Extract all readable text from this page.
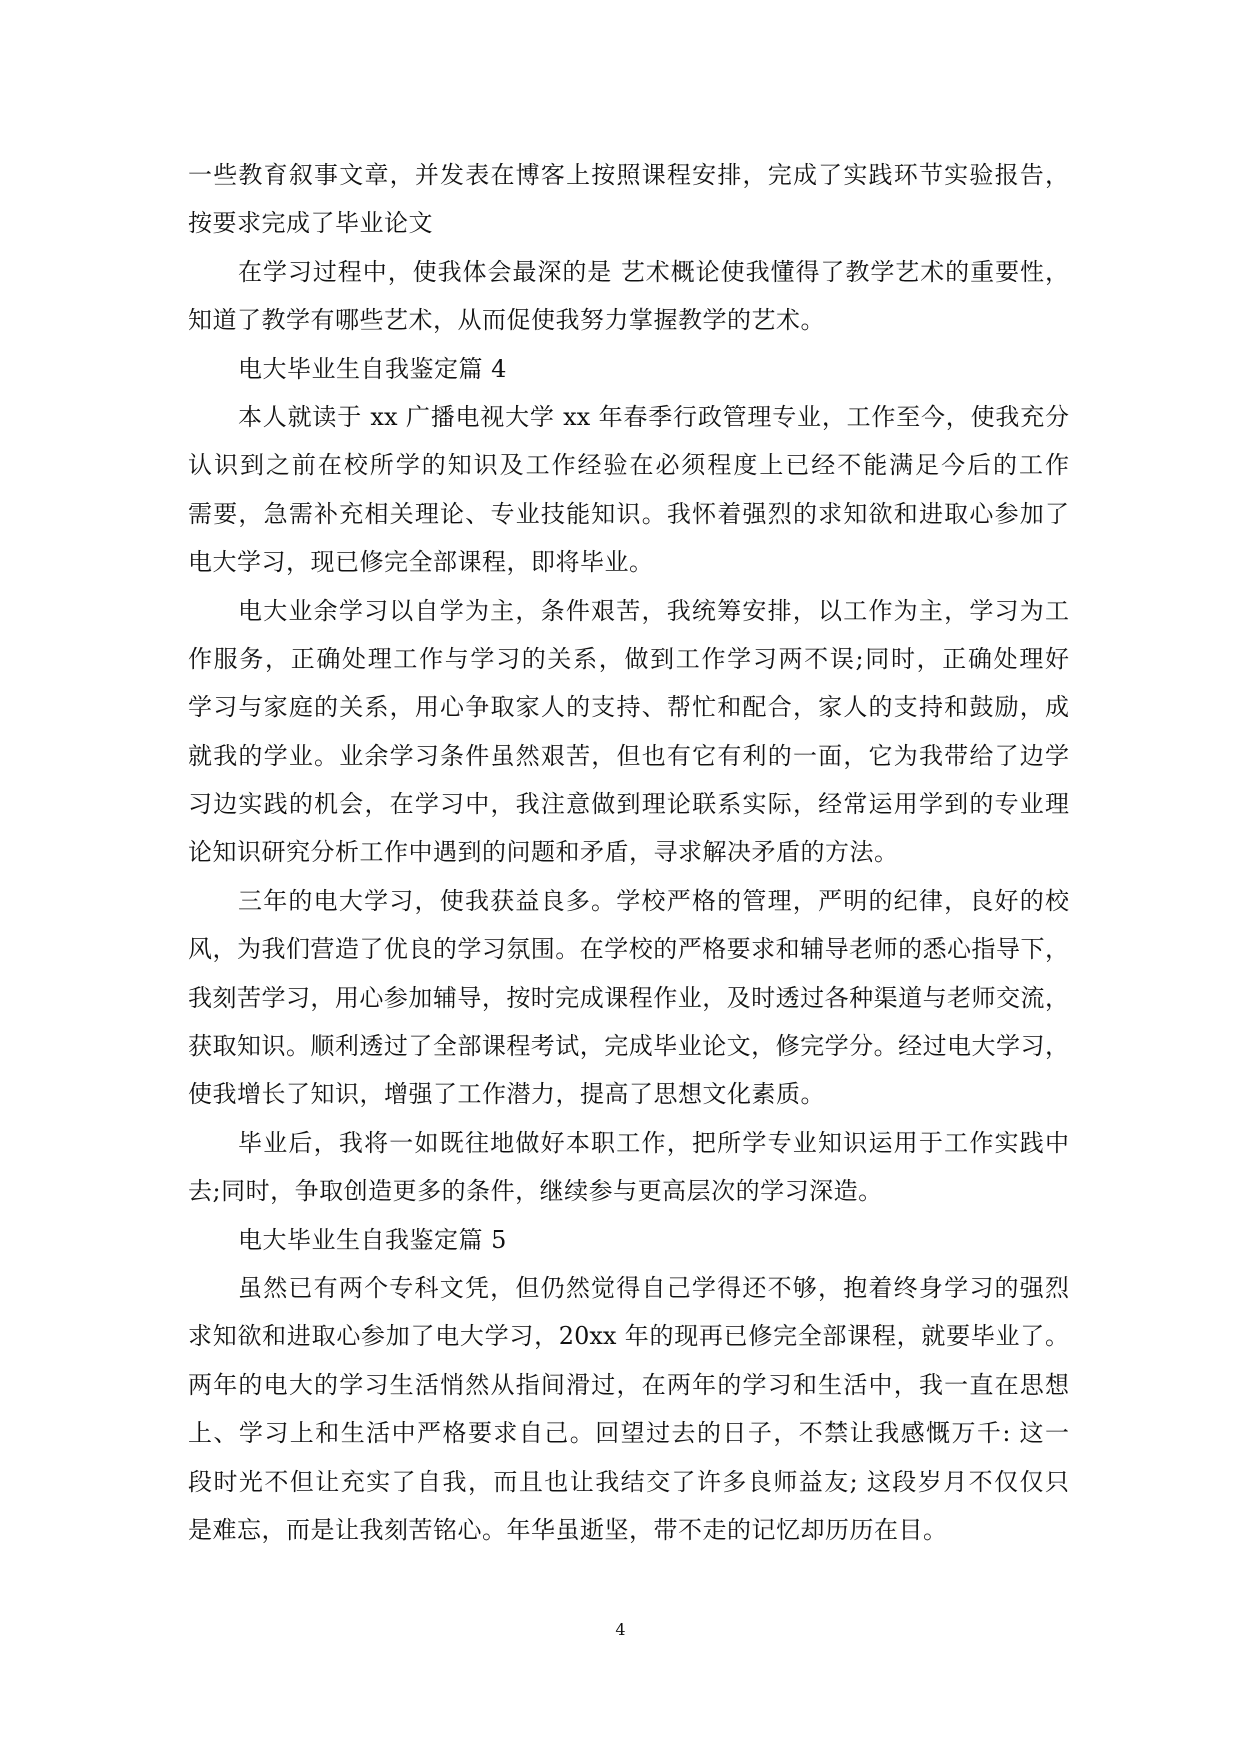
一些教育叙事文章，并发表在博客上按照课程安排，完成了实践环节实验报告，
按要求完成了毕业论文
在学习过程中，使我体会最深的是 艺术概论使我懂得了教学艺术的重要性，
知道了教学有哪些艺术，从而促使我努力掌握教学的艺术。
电大毕业生自我鉴定篇 4
本人就读于 xx 广播电视大学 xx 年春季行政管理专业，工作至今，使我充分
认识到之前在校所学的知识及工作经验在必须程度上已经不能满足今后的工作
需要，急需补充相关理论、专业技能知识。我怀着强烈的求知欲和进取心参加了
电大学习，现已修完全部课程，即将毕业。
电大业余学习以自学为主，条件艰苦，我统筹安排，以工作为主，学习为工
作服务，正确处理工作与学习的关系，做到工作学习两不误;同时，正确处理好
学习与家庭的关系，用心争取家人的支持、帮忙和配合，家人的支持和鼓励，成
就我的学业。业余学习条件虽然艰苦，但也有它有利的一面，它为我带给了边学
习边实践的机会，在学习中，我注意做到理论联系实际，经常运用学到的专业理
论知识研究分析工作中遇到的问题和矛盾，寻求解决矛盾的方法。
三年的电大学习，使我获益良多。学校严格的管理，严明的纪律，良好的校
风，为我们营造了优良的学习氛围。在学校的严格要求和辅导老师的悉心指导下，
我刻苦学习，用心参加辅导，按时完成课程作业，及时透过各种渠道与老师交流，
获取知识。顺利透过了全部课程考试，完成毕业论文，修完学分。经过电大学习，
使我增长了知识，增强了工作潜力，提高了思想文化素质。
毕业后，我将一如既往地做好本职工作，把所学专业知识运用于工作实践中
去;同时，争取创造更多的条件，继续参与更高层次的学习深造。
电大毕业生自我鉴定篇 5
虽然已有两个专科文凭，但仍然觉得自己学得还不够，抱着终身学习的强烈
求知欲和进取心参加了电大学习，20xx 年的现再已修完全部课程，就要毕业了。
两年的电大的学习生活悄然从指间滑过，在两年的学习和生活中，我一直在思想
上、学习上和生活中严格要求自己。回望过去的日子，不禁让我感慨万千: 这一
段时光不但让充实了自我，而且也让我结交了许多良师益友; 这段岁月不仅仅只
是难忘，而是让我刻苦铭心。年华虽逝坚，带不走的记忆却历历在目。
4
